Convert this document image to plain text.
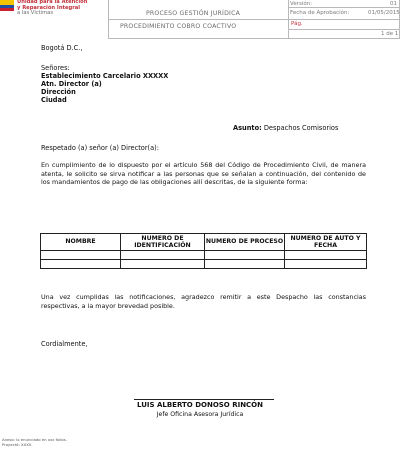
Unidad para la Atención
y Reparación Integral
a las Víctimas
Versión:	01
PROCESO GESTIÓN JURÍDICA	Fecha de Aprobación:	01/05/2015
PROCEDIMIENTO COBRO COACTIVO	Pág.
1 de 1
Bogotá D.C.,
Señores:
Establecimiento Carcelario XXXXX
Atn. Director (a)
Dirección
Ciudad
Asunto: Despachos Comisorios
Respetado (a) señor (a) Director(a):
En cumplimiento de lo dispuesto por el artículo 568 del Código de Procedimiento Civil, de manera atenta, le solicito se sirva notificar a las personas que se señalan a continuación, del contenido de los mandamientos de pago de las obligaciones allí descritas, de la siguiente forma:
NOMBRE	NUMERO DE IDENTIFICACIÓN	NUMERO DE PROCESO	NUMERO DE AUTO Y FECHA

Una vez cumplidas las notificaciones, agradezco remitir a este Despacho las constancias respectivas, a la mayor brevedad posible.
Cordialmente,
LUIS ALBERTO DONOSO RINCÓN
Jefe Oficina Asesora Jurídica
Anexo: lo enunciado en xxx folios.
Proyectó: XXXX.
